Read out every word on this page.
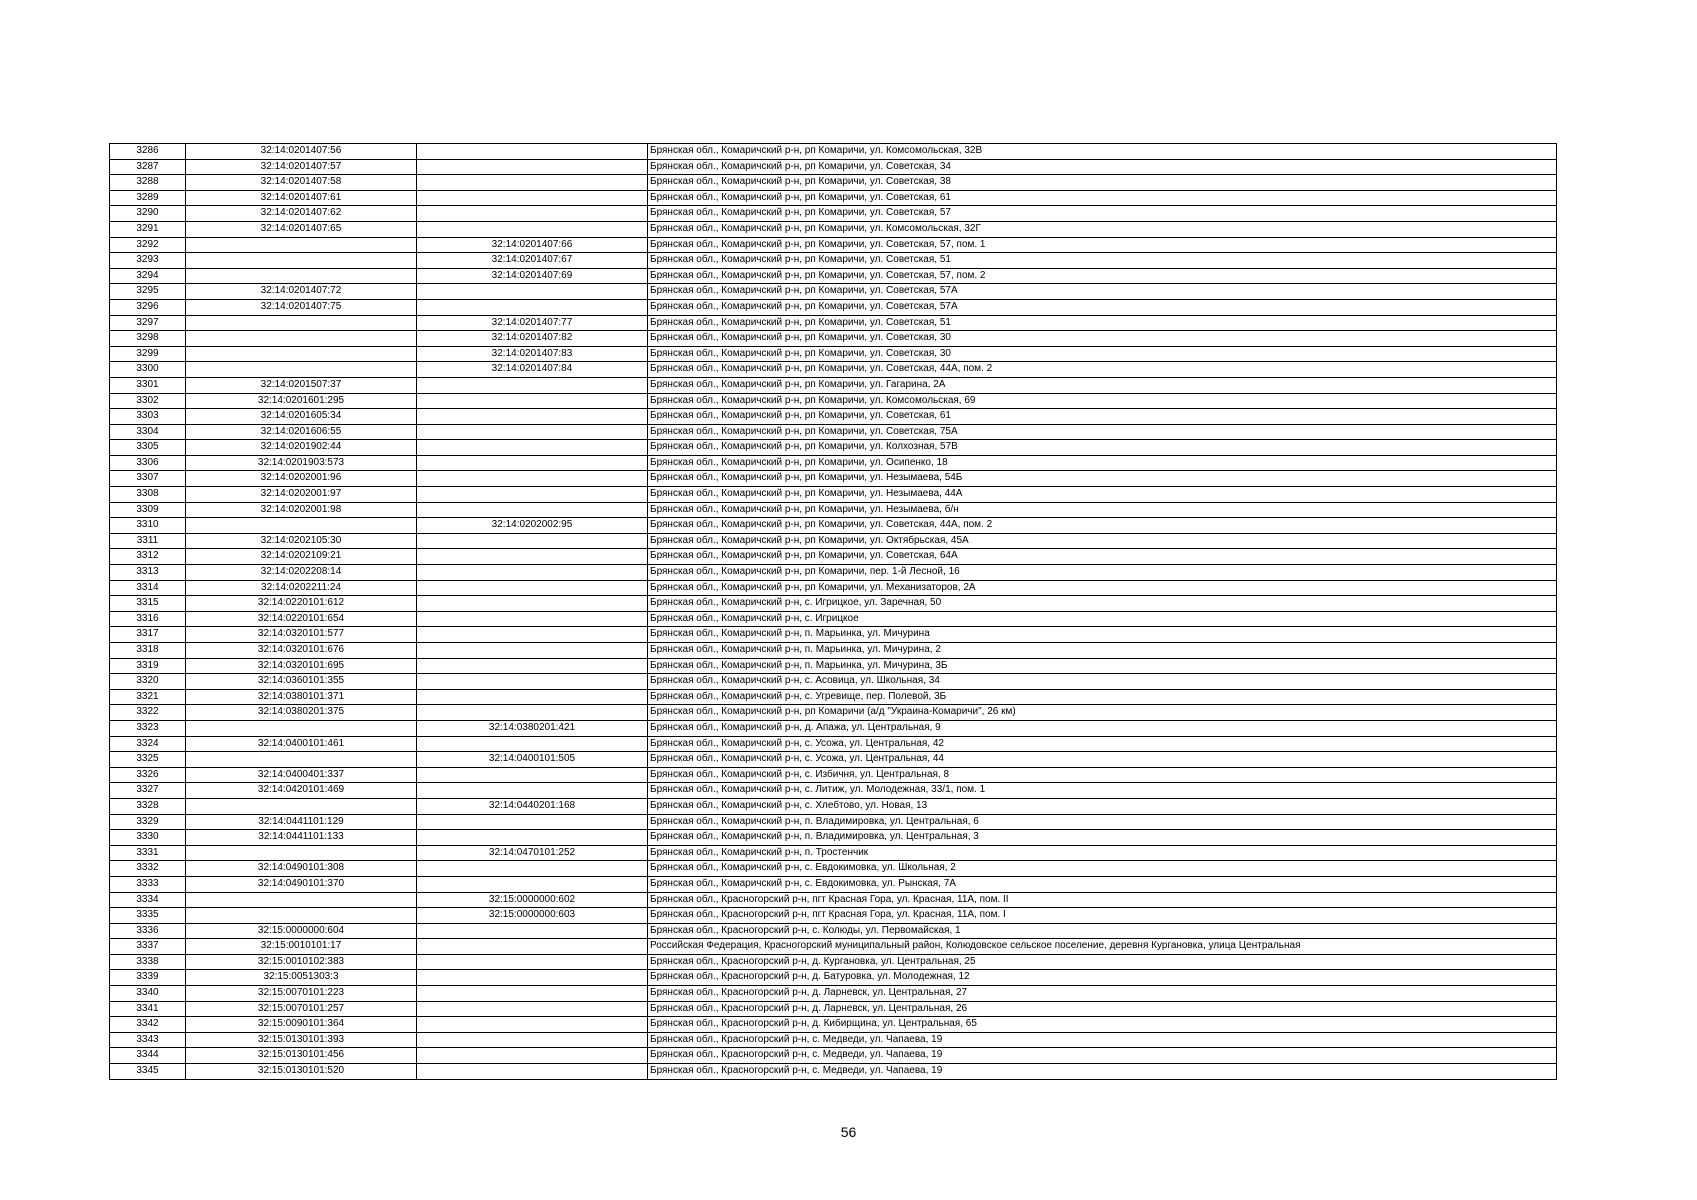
3286	32:14:0201407:56		Брянская обл., Комаричский р-н, рп Комаричи, ул. Комсомольская, 32В
3287	32:14:0201407:57		Брянская обл., Комаричский р-н, рп Комаричи, ул. Советская, 34
3288	32:14:0201407:58		Брянская обл., Комаричский р-н, рп Комаричи, ул. Советская, 38
3289	32:14:0201407:61		Брянская обл., Комаричский р-н, рп Комаричи, ул. Советская, 61
3290	32:14:0201407:62		Брянская обл., Комаричский р-н, рп Комаричи, ул. Советская, 57
3291	32:14:0201407:65		Брянская обл., Комаричский р-н, рп Комаричи, ул. Комсомольская, 32Г
3292		32:14:0201407:66	Брянская обл., Комаричский р-н, рп Комаричи, ул. Советская, 57, пом. 1
3293		32:14:0201407:67	Брянская обл., Комаричский р-н, рп Комаричи, ул. Советская, 51
3294		32:14:0201407:69	Брянская обл., Комаричский р-н, рп Комаричи, ул. Советская, 57, пом. 2
3295	32:14:0201407:72		Брянская обл., Комаричский р-н, рп Комаричи, ул. Советская, 57А
3296	32:14:0201407:75		Брянская обл., Комаричский р-н, рп Комаричи, ул. Советская, 57А
3297		32:14:0201407:77	Брянская обл., Комаричский р-н, рп Комаричи, ул. Советская, 51
3298		32:14:0201407:82	Брянская обл., Комаричский р-н, рп Комаричи, ул. Советская, 30
3299		32:14:0201407:83	Брянская обл., Комаричский р-н, рп Комаричи, ул. Советская, 30
3300		32:14:0201407:84	Брянская обл., Комаричский р-н, рп Комаричи, ул. Советская, 44А, пом. 2
3301	32:14:0201507:37		Брянская обл., Комаричский р-н, рп Комаричи, ул. Гагарина, 2А
3302	32:14:0201601:295		Брянская обл., Комаричский р-н, рп Комаричи, ул. Комсомольская, 69
3303	32:14:0201605:34		Брянская обл., Комаричский р-н, рп Комаричи, ул. Советская, 61
3304	32:14:0201606:55		Брянская обл., Комаричский р-н, рп Комаричи, ул. Советская, 75А
3305	32:14:0201902:44		Брянская обл., Комаричский р-н, рп Комаричи, ул. Колхозная, 57В
3306	32:14:0201903:573		Брянская обл., Комаричский р-н, рп Комаричи, ул. Осипенко, 18
3307	32:14:0202001:96		Брянская обл., Комаричский р-н, рп Комаричи, ул. Незымаева, 54Б
3308	32:14:0202001:97		Брянская обл., Комаричский р-н, рп Комаричи, ул. Незымаева, 44А
3309	32:14:0202001:98		Брянская обл., Комаричский р-н, рп Комаричи, ул. Незымаева, б/н
3310		32:14:0202002:95	Брянская обл., Комаричский р-н, рп Комаричи, ул. Советская, 44А, пом. 2
3311	32:14:0202105:30		Брянская обл., Комаричский р-н, рп Комаричи, ул. Октябрьская, 45А
3312	32:14:0202109:21		Брянская обл., Комаричский р-н, рп Комаричи, ул. Советская, 64А
3313	32:14:0202208:14		Брянская обл., Комаричский р-н, рп Комаричи, пер. 1-й Лесной, 16
3314	32:14:0202211:24		Брянская обл., Комаричский р-н, рп Комаричи, ул. Механизаторов, 2А
3315	32:14:0220101:612		Брянская обл., Комаричский р-н, с. Игрицкое, ул. Заречная, 50
3316	32:14:0220101:654		Брянская обл., Комаричский р-н, с. Игрицкое
3317	32:14:0320101:577		Брянская обл., Комаричский р-н, п. Марьинка, ул. Мичурина
3318	32:14:0320101:676		Брянская обл., Комаричский р-н, п. Марьинка, ул. Мичурина, 2
3319	32:14:0320101:695		Брянская обл., Комаричский р-н, п. Марьинка, ул. Мичурина, 3Б
3320	32:14:0360101:355		Брянская обл., Комаричский р-н, с. Асовица, ул. Школьная, 34
3321	32:14:0380101:371		Брянская обл., Комаричский р-н, с. Угревище, пер. Полевой, 3Б
3322	32:14:0380201:375		Брянская обл., Комаричский р-н, рп Комаричи (а/д "Украина-Комаричи", 26 км)
3323		32:14:0380201:421	Брянская обл., Комаричский р-н, д. Апажа, ул. Центральная, 9
3324	32:14:0400101:461		Брянская обл., Комаричский р-н, с. Усожа, ул. Центральная, 42
3325		32:14:0400101:505	Брянская обл., Комаричский р-н, с. Усожа, ул. Центральная, 44
3326	32:14:0400401:337		Брянская обл., Комаричский р-н, с. Избичня, ул. Центральная, 8
3327	32:14:0420101:469		Брянская обл., Комаричский р-н, с. Литиж, ул. Молодежная, 33/1, пом. 1
3328		32:14:0440201:168	Брянская обл., Комаричский р-н, с. Хлебтово, ул. Новая, 13
3329	32:14:0441101:129		Брянская обл., Комаричский р-н, п. Владимировка, ул. Центральная, 6
3330	32:14:0441101:133		Брянская обл., Комаричский р-н, п. Владимировка, ул. Центральная, 3
3331		32:14:0470101:252	Брянская обл., Комаричский р-н, п. Тростенчик
3332	32:14:0490101:308		Брянская обл., Комаричский р-н, с. Евдокимовка, ул. Школьная, 2
3333	32:14:0490101:370		Брянская обл., Комаричский р-н, с. Евдокимовка, ул. Рынская, 7А
3334		32:15:0000000:602	Брянская обл., Красногорский р-н, пгт Красная Гора, ул. Красная, 11А, пом. II
3335		32:15:0000000:603	Брянская обл., Красногорский р-н, пгт Красная Гора, ул. Красная, 11А, пом. I
3336	32:15:0000000:604		Брянская обл., Красногорский р-н, с. Колюды, ул. Первомайская, 1
3337	32:15:0010101:17		Российская Федерация, Красногорский муниципальный район, Колюдовское сельское поселение, деревня Кургановка, улица Центральная
3338	32:15:0010102:383		Брянская обл., Красногорский р-н, д. Кургановка, ул. Центральная, 25
3339	32:15:0051303:3		Брянская обл., Красногорский р-н, д. Батуровка, ул. Молодежная, 12
3340	32:15:0070101:223		Брянская обл., Красногорский р-н, д. Ларневск, ул. Центральная, 27
3341	32:15:0070101:257		Брянская обл., Красногорский р-н, д. Ларневск, ул. Центральная, 26
3342	32:15:0090101:364		Брянская обл., Красногорский р-н, д. Кибирщина, ул. Центральная, 65
3343	32:15:0130101:393		Брянская обл., Красногорский р-н, с. Медведи, ул. Чапаева, 19
3344	32:15:0130101:456		Брянская обл., Красногорский р-н, с. Медведи, ул. Чапаева, 19
3345	32:15:0130101:520		Брянская обл., Красногорский р-н, с. Медведи, ул. Чапаева, 19
56
